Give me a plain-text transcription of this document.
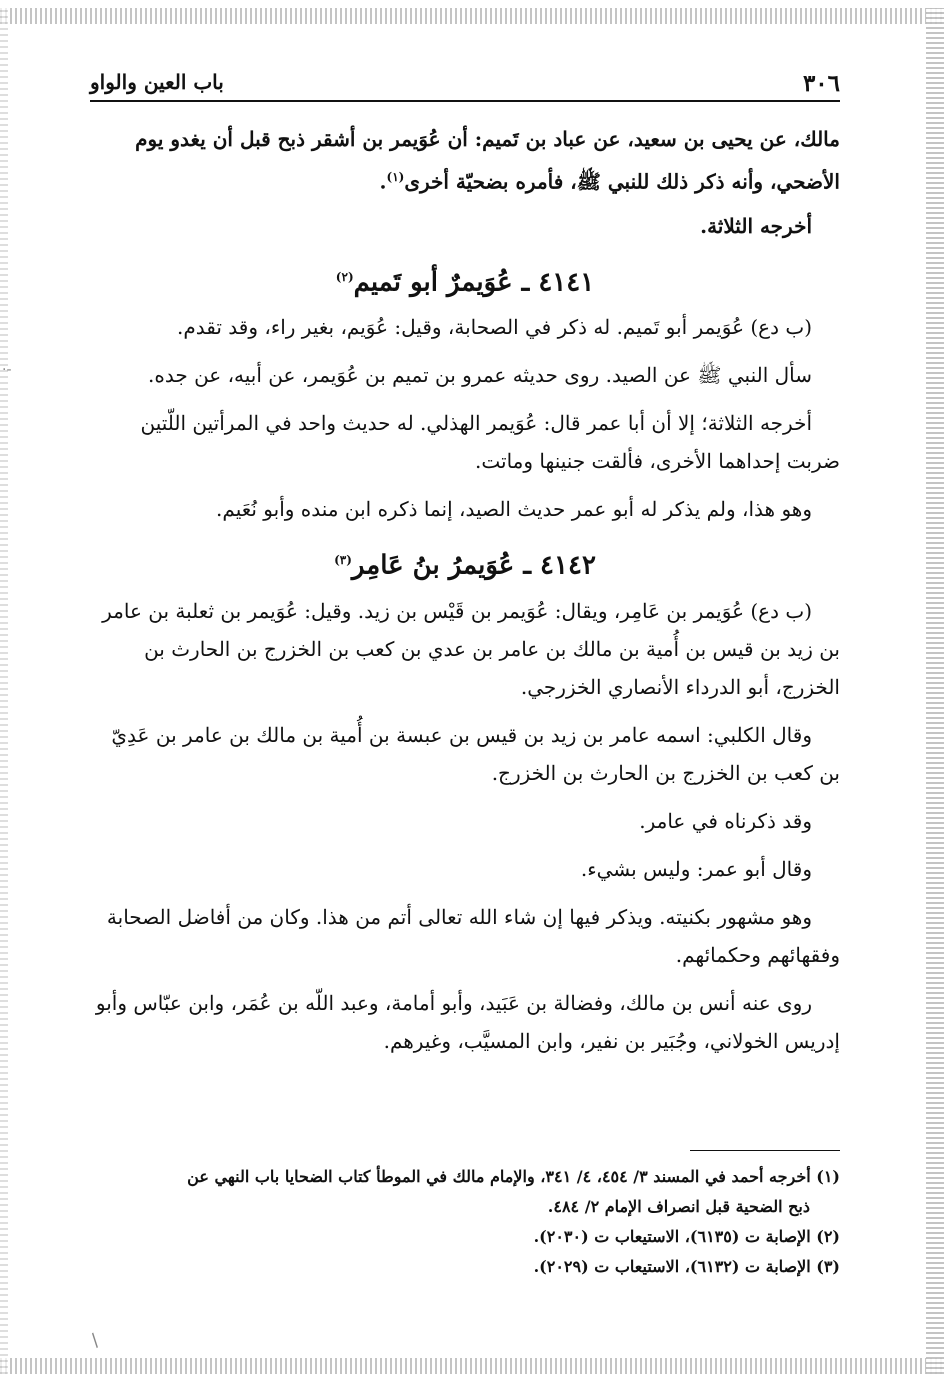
٣٠٦
باب العين والواو

مالك، عن يحيى بن سعيد، عن عباد بن تَميم: أن عُوَيمر بن أشقر ذبح قبل أن يغدو يوم الأضحي، وأنه ذكر ذلك للنبي ﷺ، فأمره بضحيّة أخرى$^{(١)}$.

أخرجه الثلاثة.

٤١٤١ ـ عُوَيمرٌ أبو تَميم$^{(٢)}$

(ب دع) عُوَيمر أبو تَميم. له ذكر في الصحابة، وقيل: عُوَيم، بغير راء، وقد تقدم.

سأل النبي ﷺ عن الصيد. روى حديثه عمرو بن تميم بن عُوَيمر، عن أبيه، عن جده.

أخرجه الثلاثة؛ إلا أن أبا عمر قال: عُوَيمر الهذلي. له حديث واحد في المرأتين اللّتين ضربت إحداهما الأخرى، فألقت جنينها وماتت.

وهو هذا، ولم يذكر له أبو عمر حديث الصيد، إنما ذكره ابن منده وأبو نُعَيم.

٤١٤٢ ـ عُوَيمرُ بنُ عَامِر$^{(٣)}$

(ب دع) عُوَيمر بن عَامِر، ويقال: عُوَيمر بن قَيْس بن زيد. وقيل: عُوَيمر بن ثعلبة بن عامر بن زيد بن قيس بن أُمية بن مالك بن عامر بن عدي بن كعب بن الخزرج بن الحارث بن الخزرج، أبو الدرداء الأنصاري الخزرجي.

وقال الكلبي: اسمه عامر بن زيد بن قيس بن عبسة بن أُمية بن مالك بن عامر بن عَدِيّ بن كعب بن الخزرج بن الحارث بن الخزرج.

وقد ذكرناه في عامر.

وقال أبو عمر: وليس بشيء.

وهو مشهور بكنيته. ويذكر فيها إن شاء الله تعالى أتم من هذا. وكان من أفاضل الصحابة وفقهائهم وحكمائهم.

روى عنه أنس بن مالك، وفضالة بن عَبَيد، وأبو أمامة، وعبد اللّه بن عُمَر، وابن عبّاس وأبو إدريس الخولاني، وجُبَير بن نفير، وابن المسيَّب، وغيرهم.

(١) أخرجه أحمد في المسند ٣/ ٤٥٤، ٤/ ٣٤١، والإمام مالك في الموطأ كتاب الضحايا باب النهي عن

ذبح الضحية قبل انصراف الإمام ٢/ ٤٨٤.

(٢) الإصابة ت (٦١٣٥)، الاستيعاب ت (٢٠٣٠).

(٣) الإصابة ت (٦١٣٢)، الاستيعاب ت (٢٠٢٩).

·-
/
